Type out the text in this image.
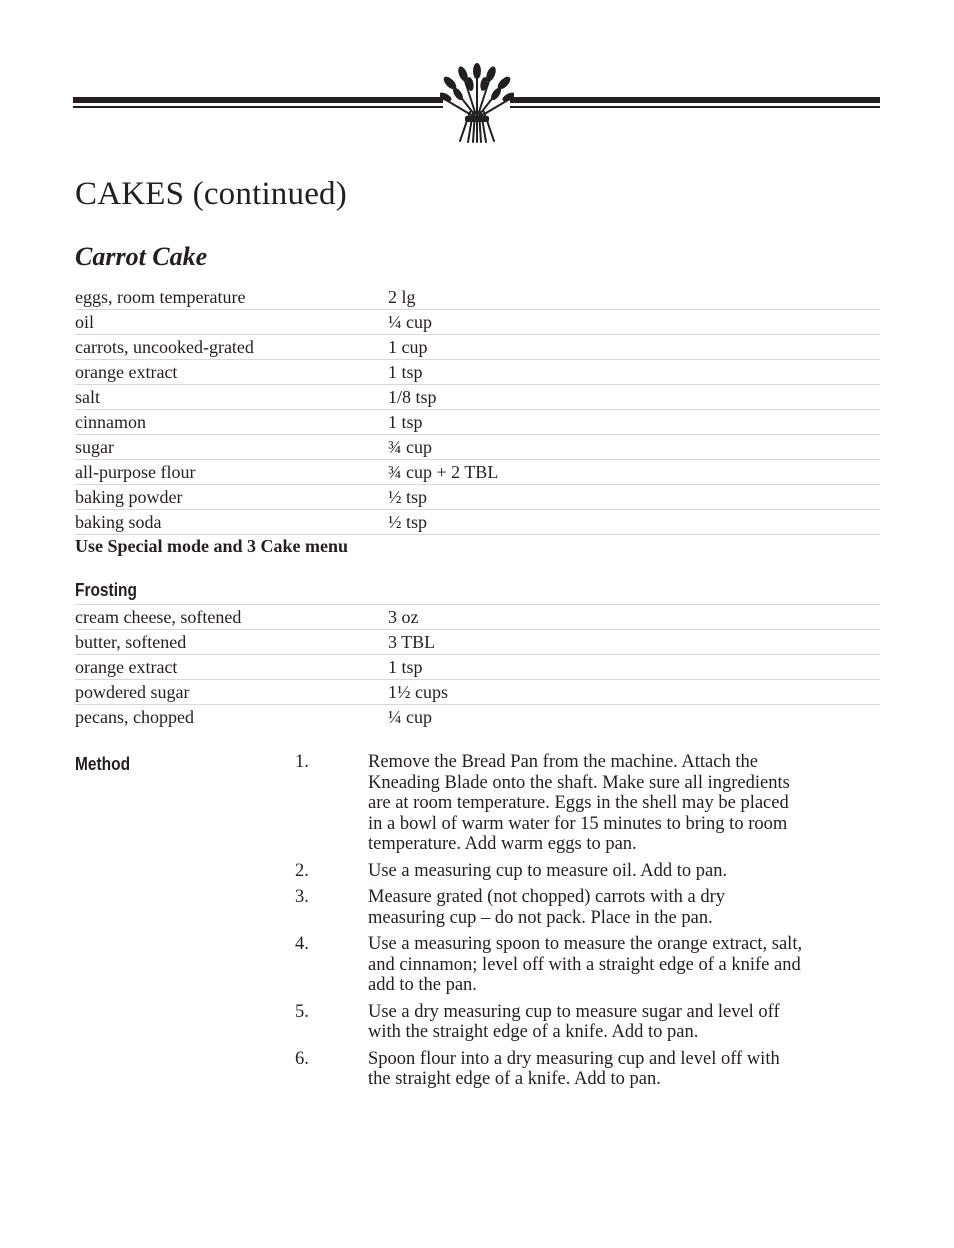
CAKES (continued)
Carrot Cake
eggs, room temperature	2 lg
oil	¼ cup
carrots, uncooked-grated	1 cup
orange extract	1 tsp
salt	1/8 tsp
cinnamon	1 tsp
sugar	¾ cup
all-purpose flour	¾ cup + 2 TBL
baking powder	½ tsp
baking soda	½ tsp
Use Special mode and 3 Cake menu
Frosting
cream cheese, softened	3 oz
butter, softened	3 TBL
orange extract	1 tsp
powdered sugar	1½ cups
pecans, chopped	¼ cup
Method	1.	Remove the Bread Pan from the machine. Attach the Kneading Blade onto the shaft. Make sure all ingredients are at room temperature. Eggs in the shell may be placed in a bowl of warm water for 15 minutes to bring to room temperature. Add warm eggs to pan.
2.	Use a measuring cup to measure oil. Add to pan.
3.	Measure grated (not chopped) carrots with a dry measuring cup – do not pack. Place in the pan.
4.	Use a measuring spoon to measure the orange extract, salt, and cinnamon; level off with a straight edge of a knife and add to the pan.
5.	Use a dry measuring cup to measure sugar and level off with the straight edge of a knife. Add to pan.
6.	Spoon flour into a dry measuring cup and level off with the straight edge of a knife. Add to pan.
